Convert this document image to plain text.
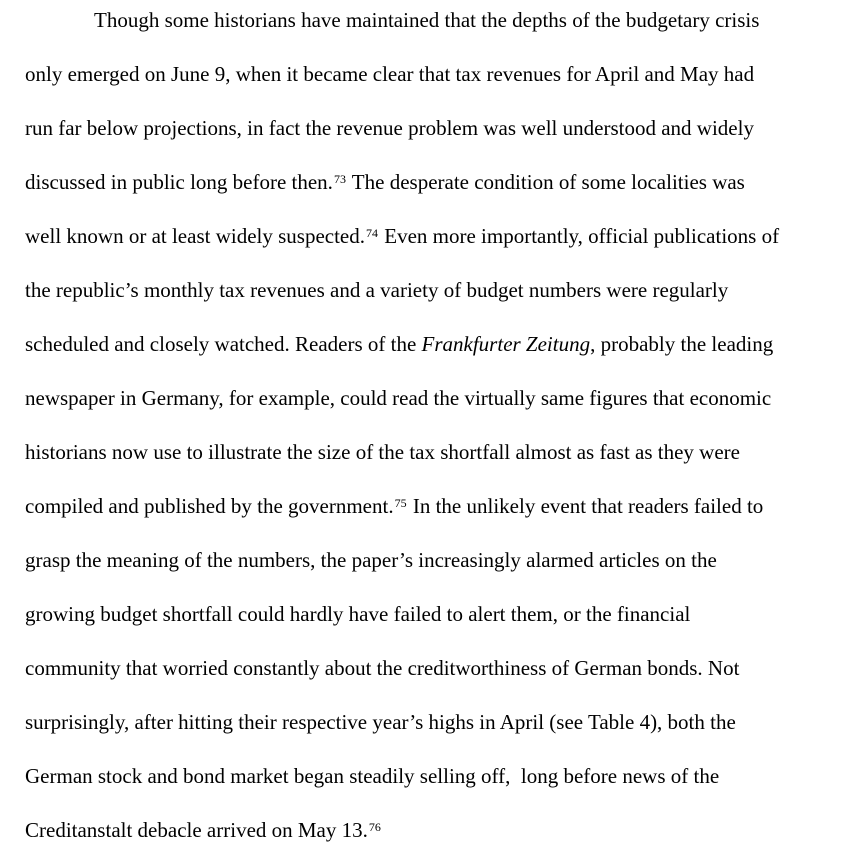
Though some historians have maintained that the depths of the budgetary crisis
only emerged on June 9, when it became clear that tax revenues for April and May had
run far below projections, in fact the revenue problem was well understood and widely
discussed in public long before then.$^{73}$ The desperate condition of some localities was
well known or at least widely suspected.$^{74}$ Even more importantly, official publications of
the republic’s monthly tax revenues and a variety of budget numbers were regularly
scheduled and closely watched. Readers of the Frankfurter Zeitung, probably the leading
newspaper in Germany, for example, could read the virtually same figures that economic
historians now use to illustrate the size of the tax shortfall almost as fast as they were
compiled and published by the government.$^{75}$ In the unlikely event that readers failed to
grasp the meaning of the numbers, the paper’s increasingly alarmed articles on the
growing budget shortfall could hardly have failed to alert them, or the financial
community that worried constantly about the creditworthiness of German bonds. Not
surprisingly, after hitting their respective year’s highs in April (see Table 4), both the
German stock and bond market began steadily selling off,  long before news of the
Creditanstalt debacle arrived on May 13.76
